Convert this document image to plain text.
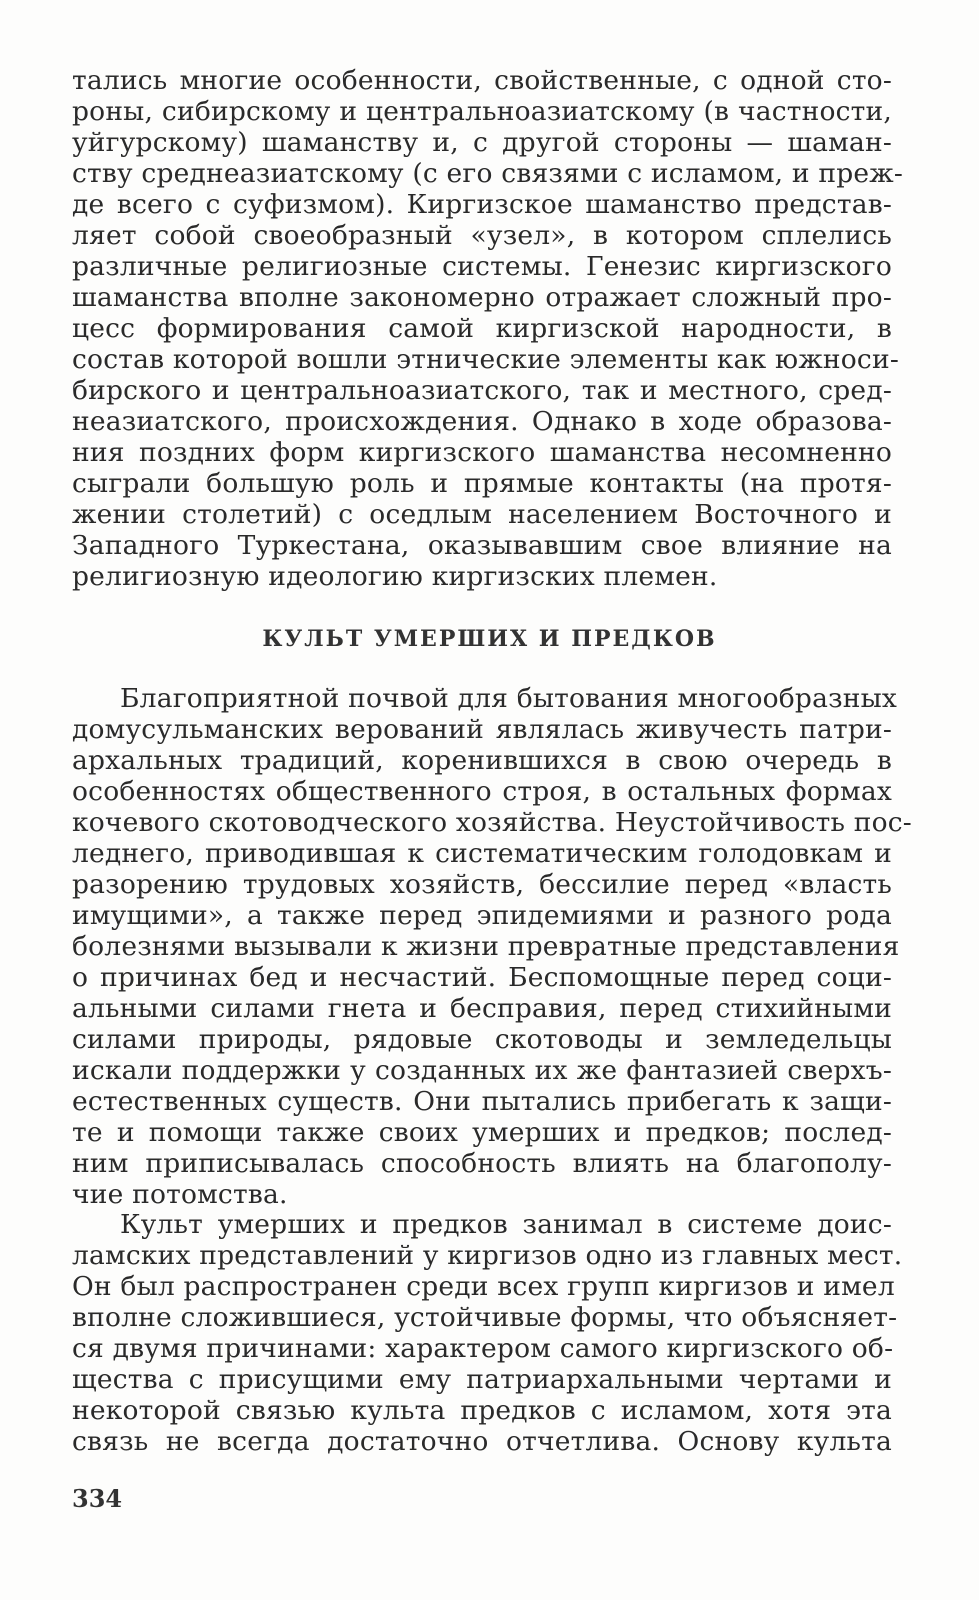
тались многие особенности, свойственные, с одной сто-
роны, сибирскому и центральноазиатскому (в частности,
уйгурскому) шаманству и, с другой стороны — шаман-
ству среднеазиатскому (с его связями с исламом, и преж-
де всего с суфизмом). Киргизское шаманство представ-
ляет собой своеобразный «узел», в котором сплелись
различные религиозные системы. Генезис киргизского
шаманства вполне закономерно отражает сложный про-
цесс формирования самой киргизской народности, в
состав которой вошли этнические элементы как южноси-
бирского и центральноазиатского, так и местного, сред-
неазиатского, происхождения. Однако в ходе образова-
ния поздних форм киргизского шаманства несомненно
сыграли большую роль и прямые контакты (на протя-
жении столетий) с оседлым населением Восточного и
Западного Туркестана, оказывавшим свое влияние на
религиозную идеологию киргизских племен.
КУЛЬТ УМЕРШИХ И ПРЕДКОВ
Благоприятной почвой для бытования многообразных
домусульманских верований являлась живучесть патри-
архальных традиций, коренившихся в свою очередь в
особенностях общественного строя, в остальных формах
кочевого скотоводческого хозяйства. Неустойчивость пос-
леднего, приводившая к систематическим голодовкам и
разорению трудовых хозяйств, бессилие перед «власть
имущими», а также перед эпидемиями и разного рода
болезнями вызывали к жизни превратные представления
о причинах бед и несчастий. Беспомощные перед соци-
альными силами гнета и бесправия, перед стихийными
силами природы, рядовые скотоводы и земледельцы
искали поддержки у созданных их же фантазией сверхъ-
естественных существ. Они пытались прибегать к защи-
те и помощи также своих умерших и предков; послед-
ним приписывалась способность влиять на благополу-
чие потомства.
Культ умерших и предков занимал в системе доис-
ламских представлений у киргизов одно из главных мест.
Он был распространен среди всех групп киргизов и имел
вполне сложившиеся, устойчивые формы, что объясняет-
ся двумя причинами: характером самого киргизского об-
щества с присущими ему патриархальными чертами и
некоторой связью культа предков с исламом, хотя эта
связь не всегда достаточно отчетлива. Основу культа
334
